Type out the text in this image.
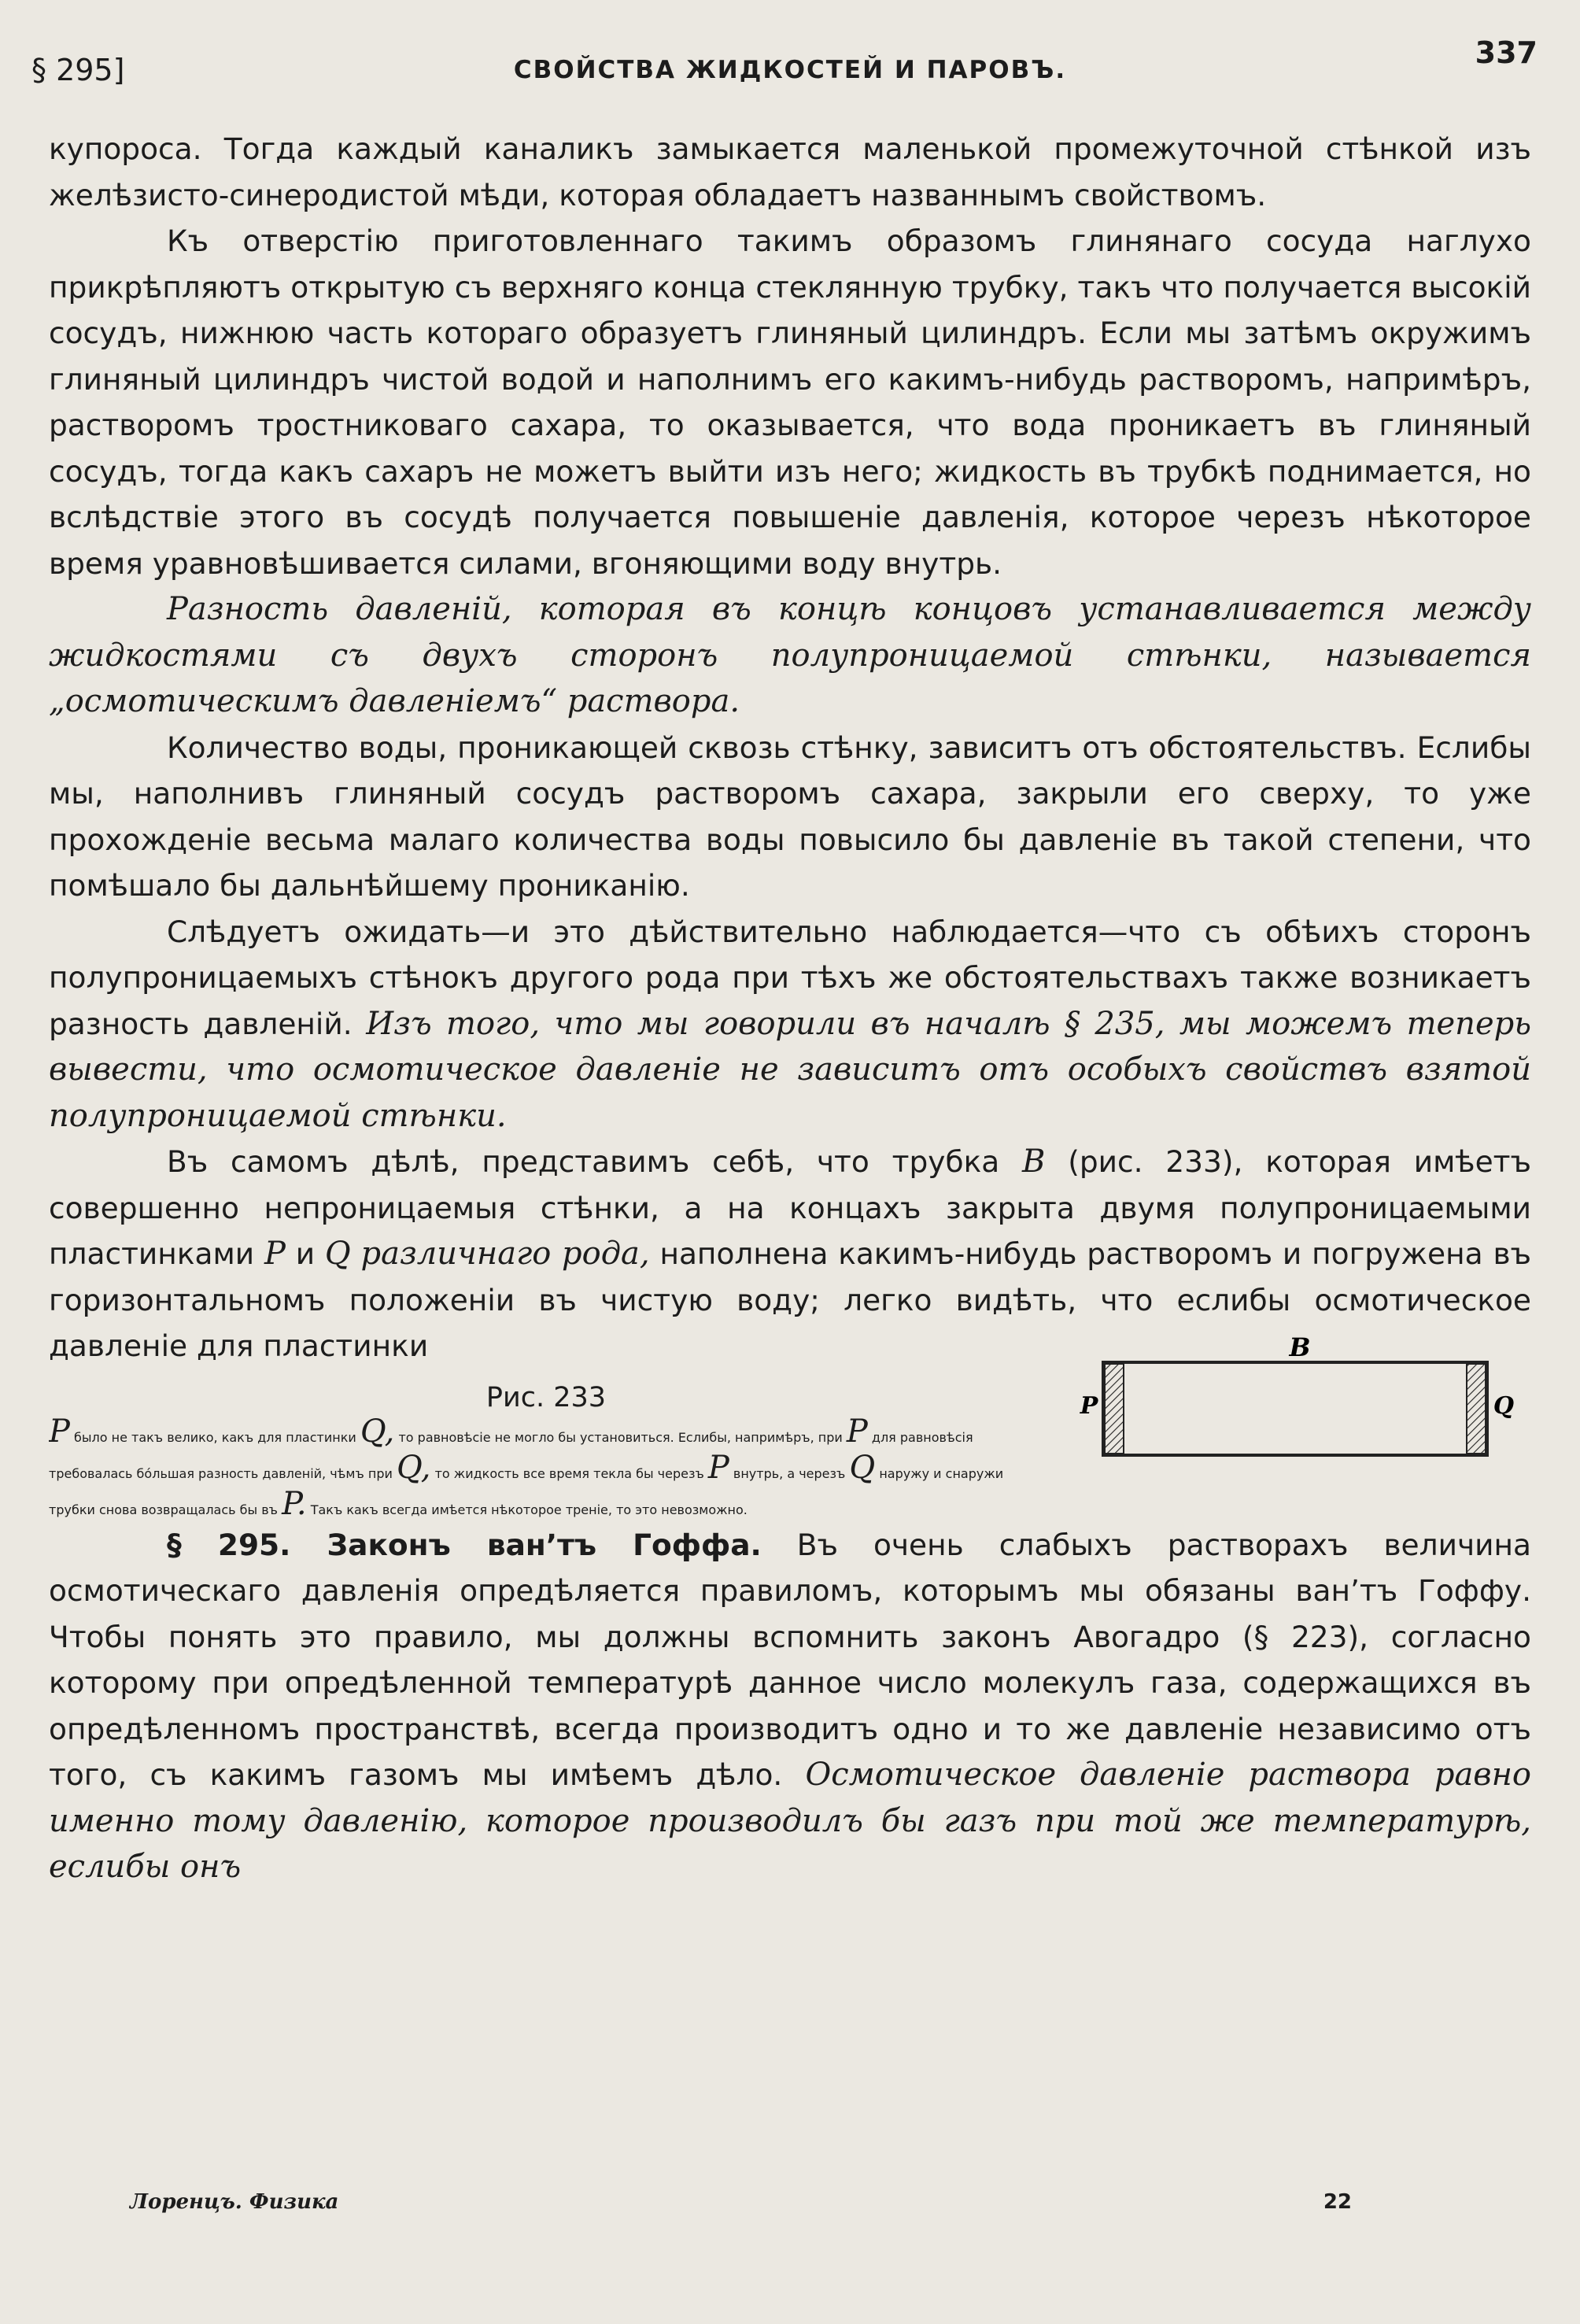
§ 295]	СВОЙСТВА ЖИДКОСТЕЙ И ПАРОВЪ.	337

купороса. Тогда каждый каналикъ замыкается маленькой промежуточной стѣнкой изъ желѣзисто-синеродистой мѣди, которая обладаетъ названнымъ свойствомъ.

Къ отверстію приготовленнаго такимъ образомъ глинянаго сосуда наглухо прикрѣпляютъ открытую съ верхняго конца стеклянную трубку, такъ что получается высокій сосудъ, нижнюю часть котораго образуетъ глиняный цилиндръ. Если мы затѣмъ окружимъ глиняный цилиндръ чистой водой и наполнимъ его какимъ-нибудь растворомъ, напримѣръ, растворомъ тростниковаго сахара, то оказывается, что вода проникаетъ въ глиняный сосудъ, тогда какъ сахаръ не можетъ выйти изъ него; жидкость въ трубкѣ поднимается, но вслѣдствіе этого въ сосудѣ получается повышеніе давленія, которое черезъ нѣкоторое время уравновѣшивается силами, вгоняющими воду внутрь.

Разность давленій, которая въ концѣ концовъ устанавливается между жидкостями съ двухъ сторонъ полупроницаемой стѣнки, называется „осмотическимъ давленіемъ“ раствора.

Количество воды, проникающей сквозь стѣнку, зависитъ отъ обстоятельствъ. Еслибы мы, наполнивъ глиняный сосудъ растворомъ сахара, закрыли его сверху, то уже прохожденіе весьма малаго количества воды повысило бы давленіе въ такой степени, что помѣшало бы дальнѣйшему прониканію.

Слѣдуетъ ожидать—и это дѣйствительно наблюдается—что съ обѣихъ сторонъ полупроницаемыхъ стѣнокъ другого рода при тѣхъ же обстоятельствахъ также возникаетъ разность давленій. Изъ того, что мы говорили въ началѣ § 235, мы можемъ теперь вывести, что осмотическое давленіе не зависитъ отъ особыхъ свойствъ взятой полупроницаемой стѣнки.

Въ самомъ дѣлѣ, представимъ себѣ, что трубка B (рис. 233), которая имѣетъ совершенно непроницаемыя стѣнки, а на концахъ закрыта двумя полупроницаемыми пластинками P и Q различнаго рода, наполнена какимъ-нибудь растворомъ и погружена въ горизонтальномъ положеніи въ чистую воду; легко видѣть, что еслибы осмотическое давленіе для пластинки	B
P	Q

Рис. 233
P было не такъ велико, какъ для пластинки Q, то равновѣсіе не могло бы установиться. Еслибы, напримѣръ, при P для равновѣсія требовалась бóльшая разность давленій, чѣмъ при Q, то жидкость все время текла бы черезъ P внутрь, а черезъ Q наружу и снаружи трубки снова возвращалась бы въ P. Такъ какъ всегда имѣется нѣкоторое треніе, то это невозможно.

§ 295. Законъ ван’тъ Гоффа. Въ очень слабыхъ растворахъ величина осмотическаго давленія опредѣляется правиломъ, которымъ мы обязаны ван’тъ Гоффу. Чтобы понять это правило, мы должны вспомнить законъ Авогадро (§ 223), согласно которому при опредѣленной температурѣ данное число молекулъ газа, содержащихся въ опредѣленномъ пространствѣ, всегда производитъ одно и то же давленіе независимо отъ того, съ какимъ газомъ мы имѣемъ дѣло. Осмотическое давленіе раствора равно именно тому давленію, которое производилъ бы газъ при той же температурѣ, еслибы онъ

Лоренцъ. Физика	22
